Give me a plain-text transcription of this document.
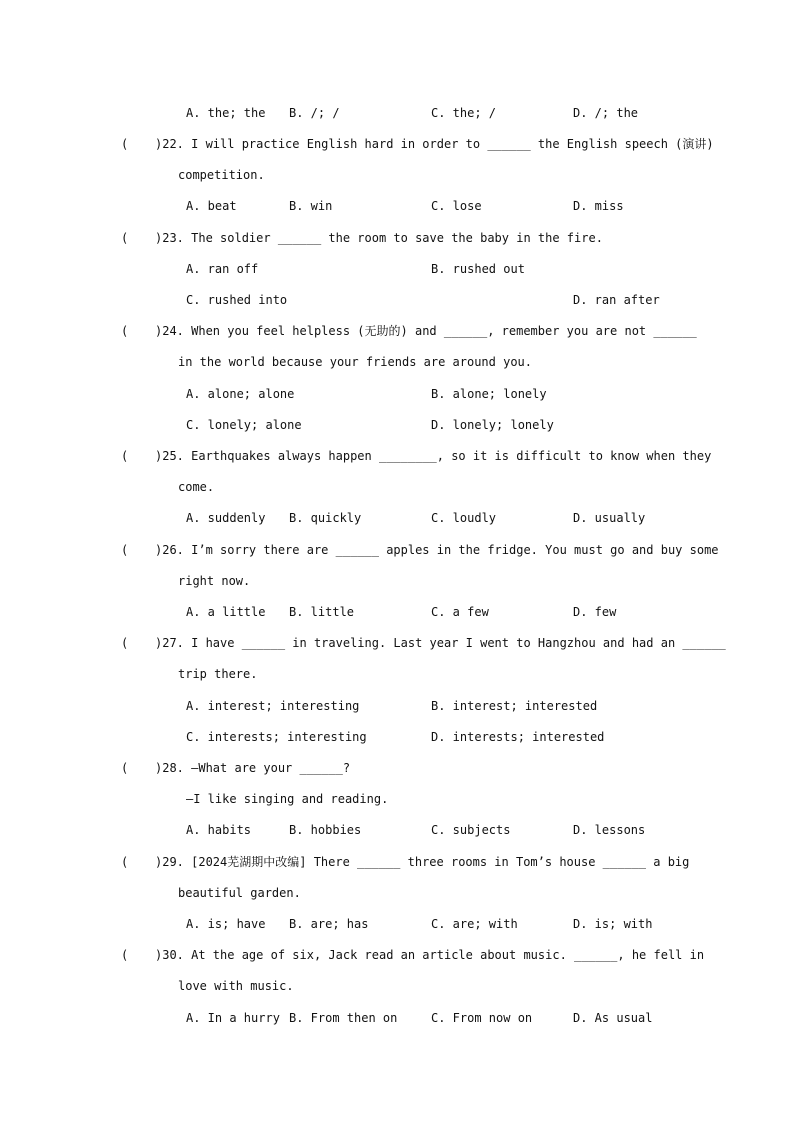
A. the; the B. /; /	C. the; /	D. /; the
( )22. I will practice English hard in order to ______ the English speech (演讲)
competition.
A. beat	B. win	C. lose	D. miss
( )23. The soldier ______ the room to save the baby in the fire.
A. ran off	B. rushed out
C. rushed into	D. ran after
( )24. When you feel helpless (无助的) and ______, remember you are not ______
in the world because your friends are around you.
A. alone; alone	B. alone; lonely
C. lonely; alone	D. lonely; lonely
( )25. Earthquakes always happen ________, so it is difficult to know when they
come.
A. suddenly B. quickly	C. loudly	D. usually
( )26. I’m sorry there are ______ apples in the fridge. You must go and buy some
right now.
A. a little B. little	C. a few	D. few
( )27. I have ______ in traveling. Last year I went to Hangzhou and had an ______
trip there.
A. interest; interesting	B. interest; interested
C. interests; interesting	D. interests; interested
( )28. —What are your ______?
—I like singing and reading.
A. habits	B. hobbies	C. subjects	D. lessons
( )29. [2024芜湖期中改编] There ______ three rooms in Tom’s house ______ a big
beautiful garden.
A. is; have B. are; has	C. are; with	D. is; with
( )30. At the age of six, Jack read an article about music. ______, he fell in
love with music.
A. In a hurry B. From then on	C. From now on	D. As usual
